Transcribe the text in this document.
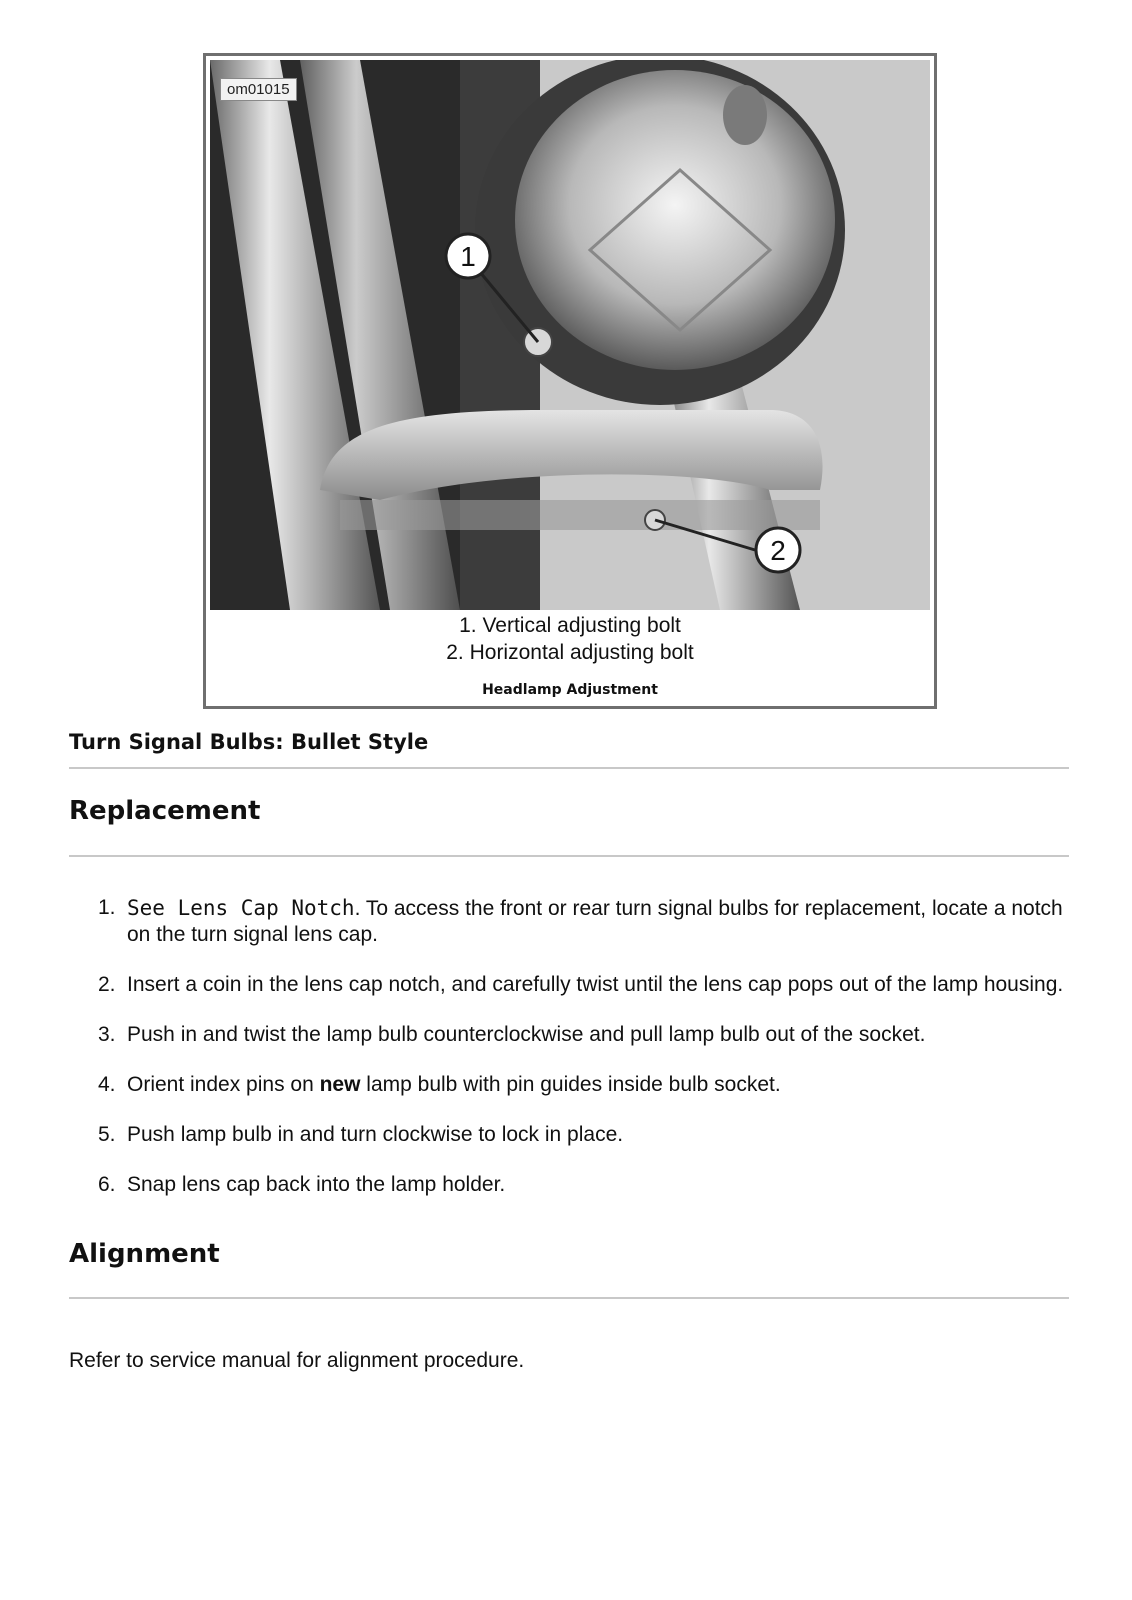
1
2
om01015
1. Vertical adjusting bolt
2. Horizontal adjusting bolt
Headlamp Adjustment
Turn Signal Bulbs: Bullet Style
Replacement
1. See Lens Cap Notch. To access the front or rear turn signal bulbs for replacement, locate a notch on the turn signal lens cap.
2. Insert a coin in the lens cap notch, and carefully twist until the lens cap pops out of the lamp housing.
3. Push in and twist the lamp bulb counterclockwise and pull lamp bulb out of the socket.
4. Orient index pins on new lamp bulb with pin guides inside bulb socket.
5. Push lamp bulb in and turn clockwise to lock in place.
6. Snap lens cap back into the lamp holder.
Alignment

Refer to service manual for alignment procedure.
